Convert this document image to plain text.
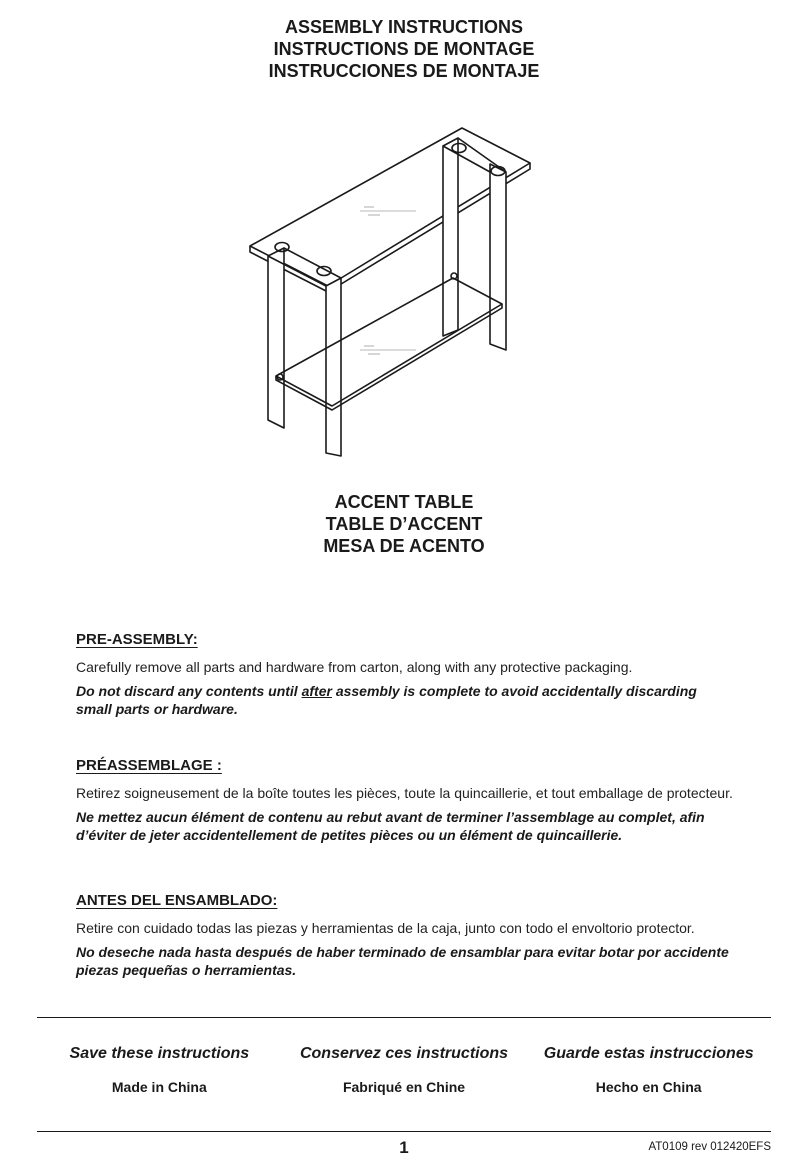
ASSEMBLY INSTRUCTIONS
INSTRUCTIONS DE MONTAGE
INSTRUCCIONES DE MONTAJE
ACCENT TABLE
TABLE D’ACCENT
MESA DE ACENTO
PRE-ASSEMBLY:

Carefully remove all parts and hardware from carton, along with any protective packaging.

Do not discard any contents until after assembly is complete to avoid accidentally discarding small parts or hardware.

PRÉASSEMBLAGE :

Retirez soigneusement de la boîte toutes les pièces, toute la quincaillerie, et tout emballage de protecteur.

Ne mettez aucun élément de contenu au rebut avant de terminer l’assemblage au complet, afin d’éviter de jeter accidentellement de petites pièces ou un élément de quincaillerie.

ANTES DEL ENSAMBLADO:

Retire con cuidado todas las piezas y herramientas de la caja, junto con todo el envoltorio protector.

No deseche nada hasta después de haber terminado de ensamblar para evitar botar por accidente piezas pequeñas o herramientas.

Save these instructions	Conservez ces instructions	Guarde estas instrucciones
Made in China	Fabriqué en Chine	Hecho en China
1	AT0109 rev 012420EFS
